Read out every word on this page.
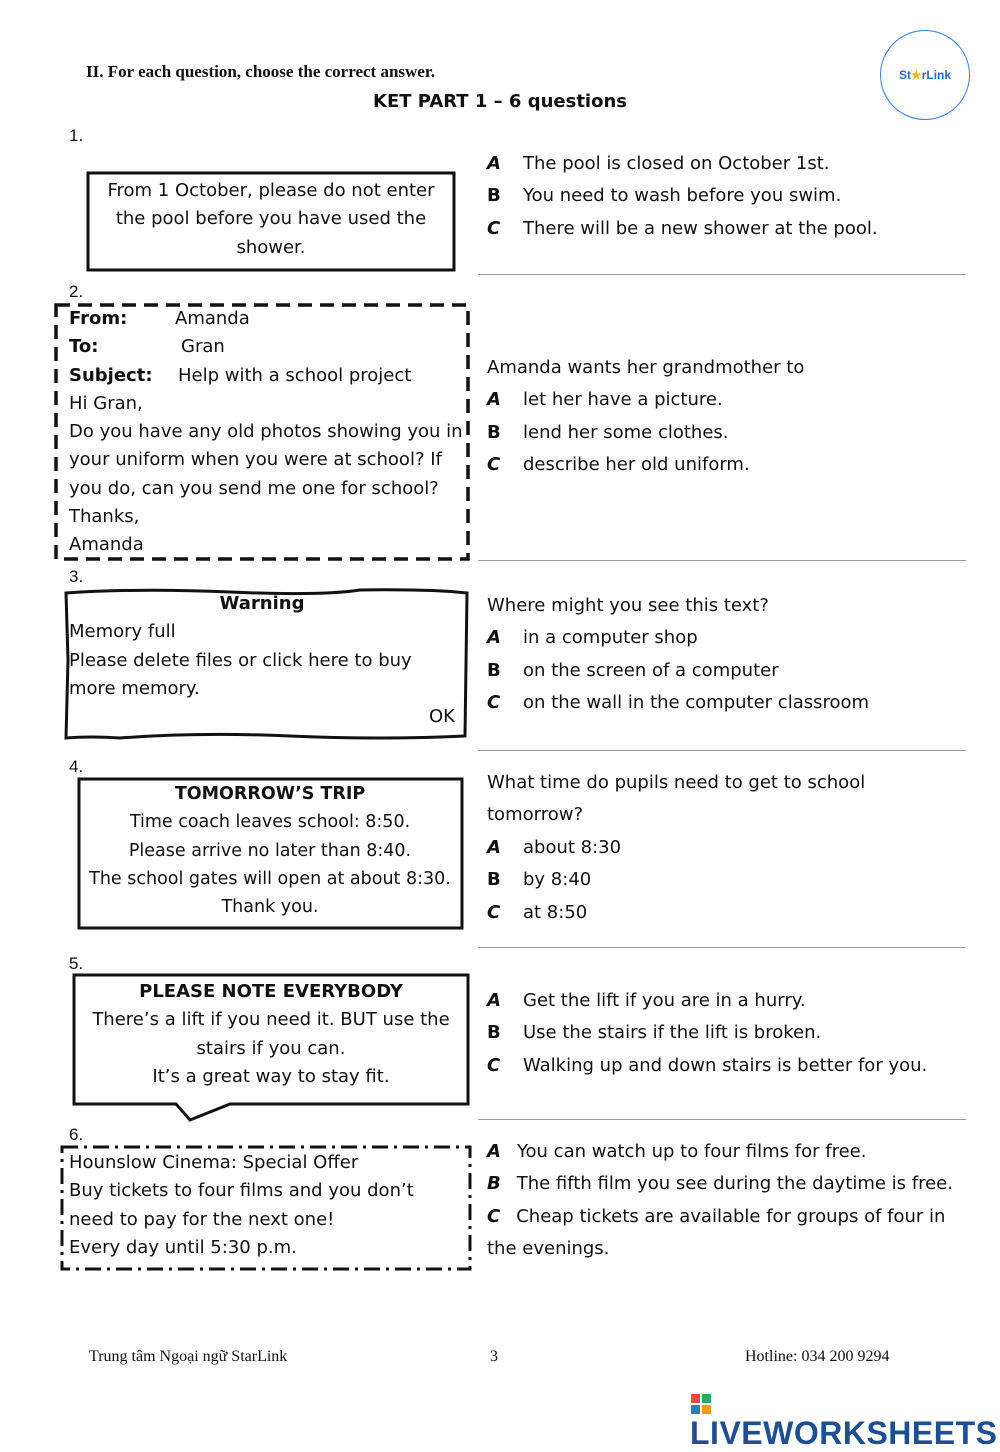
II. For each question, choose the correct answer.
KET PART 1 – 6 questions
St ★ rLink
1.
From 1 October, please do not enter
the pool before you have used the
shower.
A	The pool is closed on October 1st.
B	You need to wash before you swim.
C	There will be a new shower at the pool.
2.
From:	Amanda
To:	Gran
Subject: Help with a school project
Hi Gran,
Do you have any old photos showing you in
your uniform when you were at school? If
you do, can you send me one for school?
Thanks,
Amanda
Amanda wants her grandmother to
A	let her have a picture.
B	lend her some clothes.
C	describe her old uniform.
3.
Warning
Memory full
Please delete files or click here to buy
more memory.
OK
Where might you see this text?
A	in a computer shop
B	on the screen of a computer
C	on the wall in the computer classroom
4.
TOMORROW’S TRIP
Time coach leaves school: 8:50.
Please arrive no later than 8:40.
The school gates will open at about 8:30.
Thank you.
What time do pupils need to get to school
tomorrow?
A	about 8:30
B	by 8:40
C	at 8:50
5.
PLEASE NOTE EVERYBODY
There’s a lift if you need it. BUT use the
stairs if you can.
It’s a great way to stay fit.
A	Get the lift if you are in a hurry.
B	Use the stairs if the lift is broken.
C	Walking up and down stairs is better for you.
6.
Hounslow Cinema: Special Offer
Buy tickets to four films and you don’t
need to pay for the next one!
Every day until 5:30 p.m.
A You can watch up to four films for free.
B The fifth film you see during the daytime is free.
C Cheap tickets are available for groups of four in the evenings.
Trung tâm Ngoại ngữ StarLink	3	Hotline: 034 200 9294
LIVEWORKSHEETS
